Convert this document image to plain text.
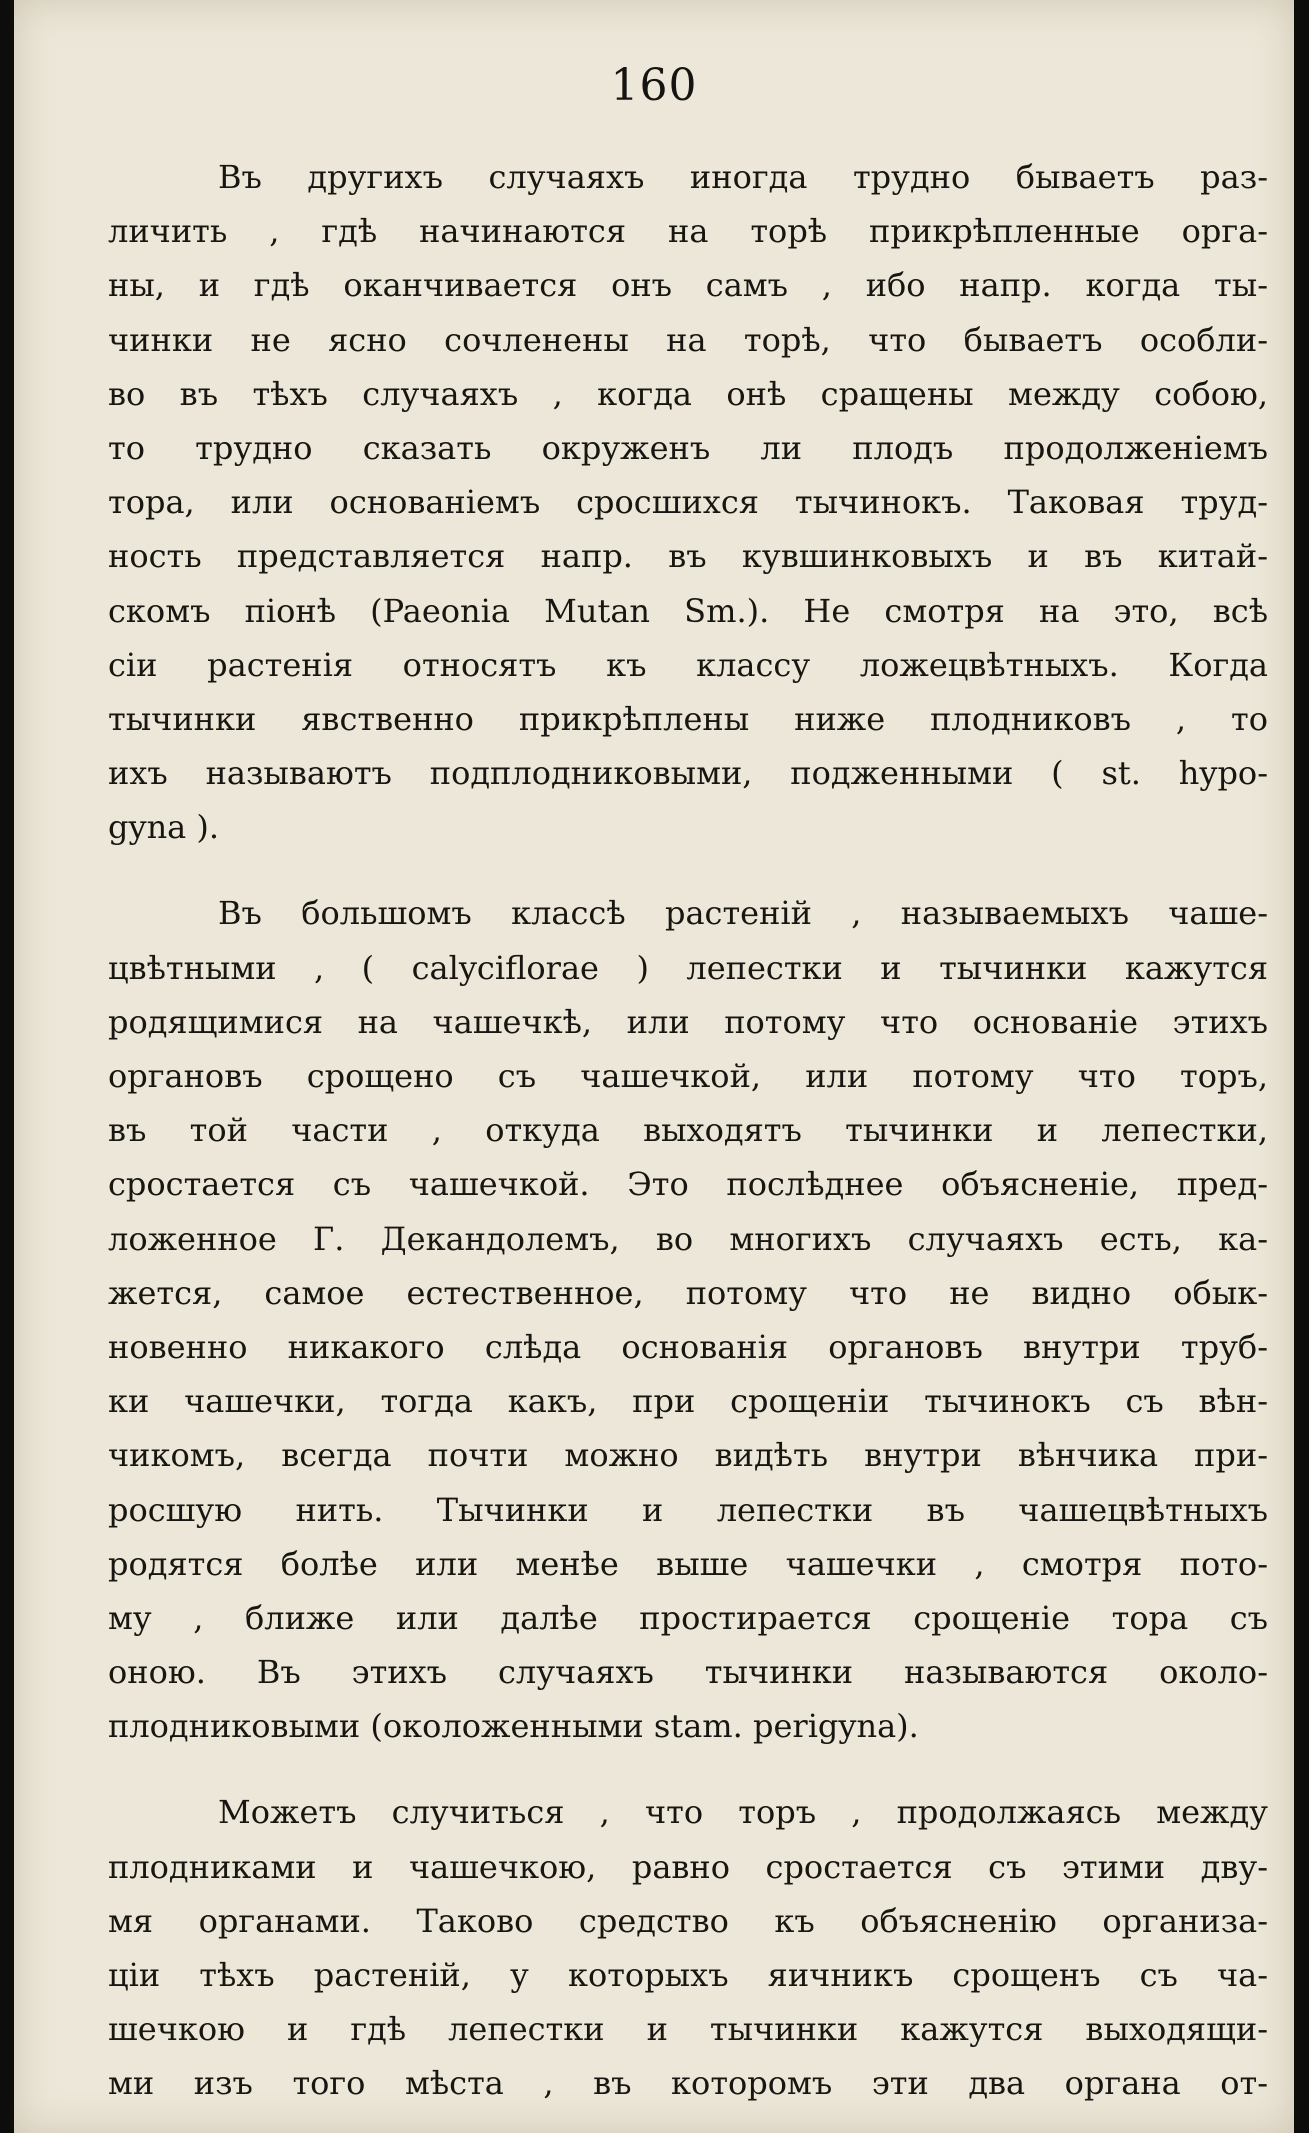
160
Въ другихъ случаяхъ иногда трудно бываетъ раз-
личить , гдѣ начинаются на торѣ прикрѣпленные орга-
ны, и гдѣ оканчивается онъ самъ , ибо напр. когда ты-
чинки не ясно сочленены на торѣ, что бываетъ особли-
во въ тѣхъ случаяхъ , когда онѣ сращены между собою,
то трудно сказать окруженъ ли плодъ продолженіемъ
тора, или основаніемъ сросшихся тычинокъ. Таковая труд-
ность представляется напр. въ кувшинковыхъ и въ китай-
скомъ піонѣ (Paeonia Mutan Sm.). Не смотря на это, всѣ
сіи растенія относятъ къ классу ложецвѣтныхъ. Когда
тычинки явственно прикрѣплены ниже плодниковъ , то
ихъ называютъ подплодниковыми, подженными ( st. hypo-
gyna ).
Въ большомъ классѣ растеній , называемыхъ чаше-
цвѣтными , ( calyciflorae ) лепестки и тычинки кажутся
родящимися на чашечкѣ, или потому что основаніе этихъ
органовъ срощено съ чашечкой, или потому что торъ,
въ той части , откуда выходятъ тычинки и лепестки,
сростается съ чашечкой. Это послѣднее объясненіе, пред-
ложенное Г. Декандолемъ, во многихъ случаяхъ есть, ка-
жется, самое естественное, потому что не видно обык-
новенно никакого слѣда основанія органовъ внутри труб-
ки чашечки, тогда какъ, при срощеніи тычинокъ съ вѣн-
чикомъ, всегда почти можно видѣть внутри вѣнчика при-
росшую нить. Тычинки и лепестки въ чашецвѣтныхъ
родятся болѣе или менѣе выше чашечки , смотря пото-
му , ближе или далѣе простирается срощеніе тора съ
оною. Въ этихъ случаяхъ тычинки называются около-
плодниковыми (околоженными stam. perigyna).
Можетъ случиться , что торъ , продолжаясь между
плодниками и чашечкою, равно сростается съ этими дву-
мя органами. Таково средство къ объясненію организа-
ціи тѣхъ растеній, у которыхъ яичникъ срощенъ съ ча-
шечкою и гдѣ лепестки и тычинки кажутся выходящи-
ми изъ того мѣста , въ которомъ эти два органа от-
